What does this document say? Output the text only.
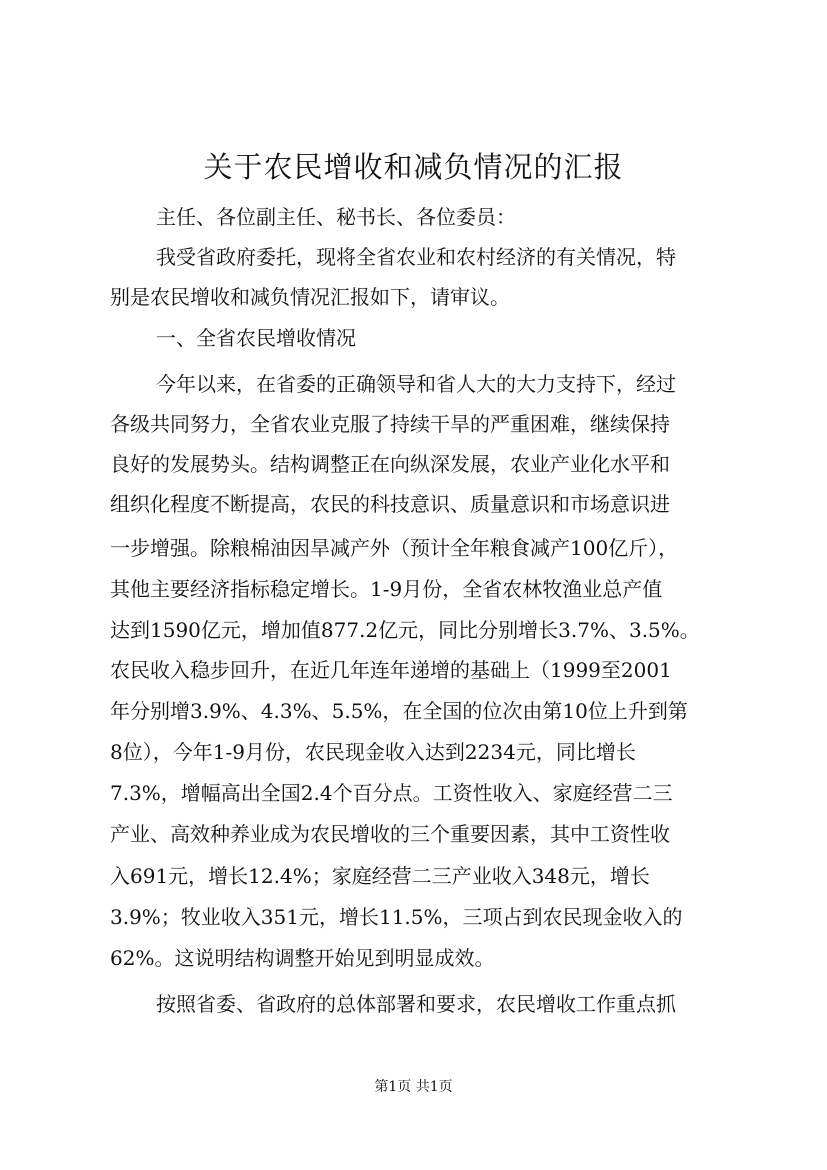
关于农民增收和减负情况的汇报

主任、各位副主任、秘书长、各位委员：

我受省政府委托，现将全省农业和农村经济的有关情况，特

别是农民增收和减负情况汇报如下，请审议。

一、全省农民增收情况

今年以来，在省委的正确领导和省人大的大力支持下，经过

各级共同努力，全省农业克服了持续干旱的严重困难，继续保持

良好的发展势头。结构调整正在向纵深发展，农业产业化水平和

组织化程度不断提高，农民的科技意识、质量意识和市场意识进

一步增强。除粮棉油因旱减产外（预计全年粮食减产100亿斤），

其他主要经济指标稳定增长。1-9月份，全省农林牧渔业总产值

达到1590亿元，增加值877.2亿元，同比分别增长3.7%、3.5%。

农民收入稳步回升，在近几年连年递增的基础上（1999至2001

年分别增3.9%、4.3%、5.5%，在全国的位次由第10位上升到第

8位），今年1-9月份，农民现金收入达到2234元，同比增长

7.3%，增幅高出全国2.4个百分点。工资性收入、家庭经营二三

产业、高效种养业成为农民增收的三个重要因素，其中工资性收

入691元，增长12.4%；家庭经营二三产业收入348元，增长

3.9%；牧业收入351元，增长11.5%，三项占到农民现金收入的

62%。这说明结构调整开始见到明显成效。

按照省委、省政府的总体部署和要求，农民增收工作重点抓

第1页 共1页
